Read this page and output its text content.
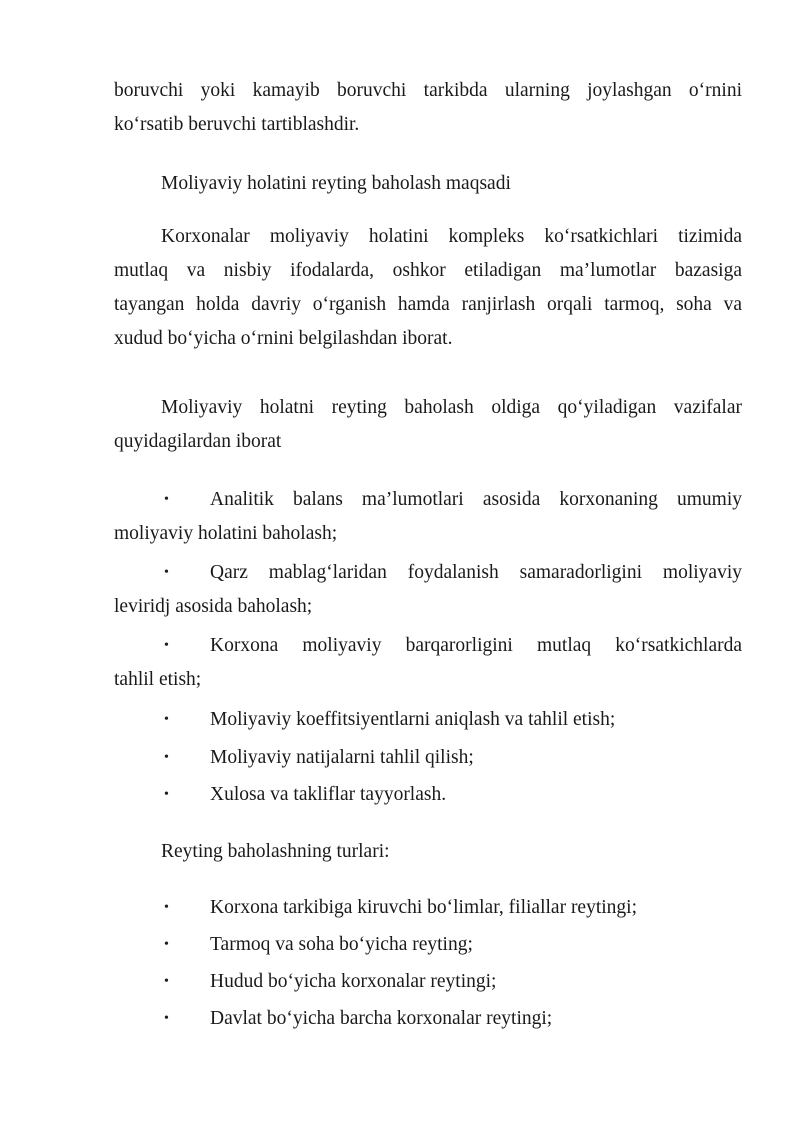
boruvchi yoki kamayib boruvchi tarkibda ularning joylashgan o‘rnini
ko‘rsatib beruvchi tartiblashdir.
Moliyaviy holatini reyting baholash maqsadi
Korxonalar moliyaviy holatini kompleks ko‘rsatkichlari tizimida
mutlaq va nisbiy ifodalarda, oshkor etiladigan ma’lumotlar bazasiga
tayangan holda davriy o‘rganish hamda ranjirlash orqali tarmoq, soha va
xudud bo‘yicha o‘rnini belgilashdan iborat.
Moliyaviy holatni reyting baholash oldiga qo‘yiladigan vazifalar
quyidagilardan iborat
•	Analitik balans ma’lumotlari asosida korxonaning umumiy
moliyaviy holatini baholash;
•	Qarz mablag‘laridan foydalanish samaradorligini moliyaviy
leviridj asosida baholash;
•	Korxona moliyaviy barqarorligini mutlaq ko‘rsatkichlarda
tahlil etish;
•	Moliyaviy koeffitsiyentlarni aniqlash va tahlil etish;
•	Moliyaviy natijalarni tahlil qilish;
•	Xulosa va takliflar tayyorlash.
Reyting baholashning turlari:
•	Korxona tarkibiga kiruvchi bo‘limlar, filiallar reytingi;
•	Tarmoq va soha bo‘yicha reyting;
•	Hudud bo‘yicha korxonalar reytingi;
•	Davlat bo‘yicha barcha korxonalar reytingi;
